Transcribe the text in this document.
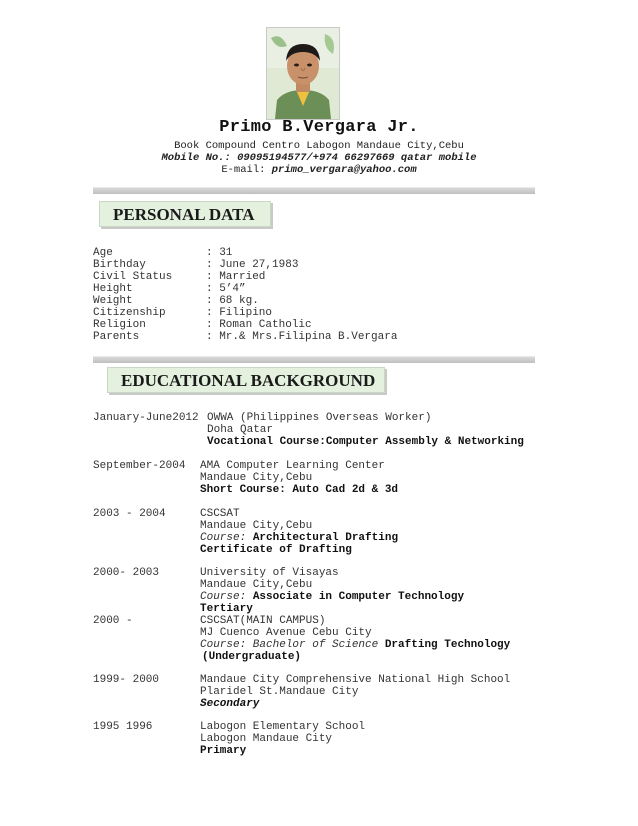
Primo B.Vergara Jr.
Book Compound Centro Labogon Mandaue City,Cebu
Mobile No.: 09095194577/+974 66297669 qatar mobile
E-mail: primo_vergara@yahoo.com
PERSONAL DATA
Age	: 31
Birthday	: June 27,1983
Civil Status	: Married
Height	: 5’4”
Weight	: 68 kg.
Citizenship	: Filipino
Religion	: Roman Catholic
Parents	: Mr.& Mrs.Filipina B.Vergara
EDUCATIONAL BACKGROUND
January-June2012 OWWA (Philippines Overseas Worker)
Doha Qatar
Vocational Course:Computer Assembly & Networking
September-2004 AMA Computer Learning Center
Mandaue City,Cebu
Short Course: Auto Cad 2d & 3d
2003 - 2004	CSCSAT
Mandaue City,Cebu
Course: Architectural Drafting
Certificate of Drafting
2000- 2003	University of Visayas
Mandaue City,Cebu
Course: Associate in Computer Technology
Tertiary
2000 -	CSCSAT(MAIN CAMPUS)
MJ Cuenco Avenue Cebu City
Course: Bachelor of Science Drafting Technology
(Undergraduate)
1999- 2000	Mandaue City Comprehensive National High School
Plaridel St.Mandaue City
Secondary
1995 1996	Labogon Elementary School
Labogon Mandaue City
Primary
